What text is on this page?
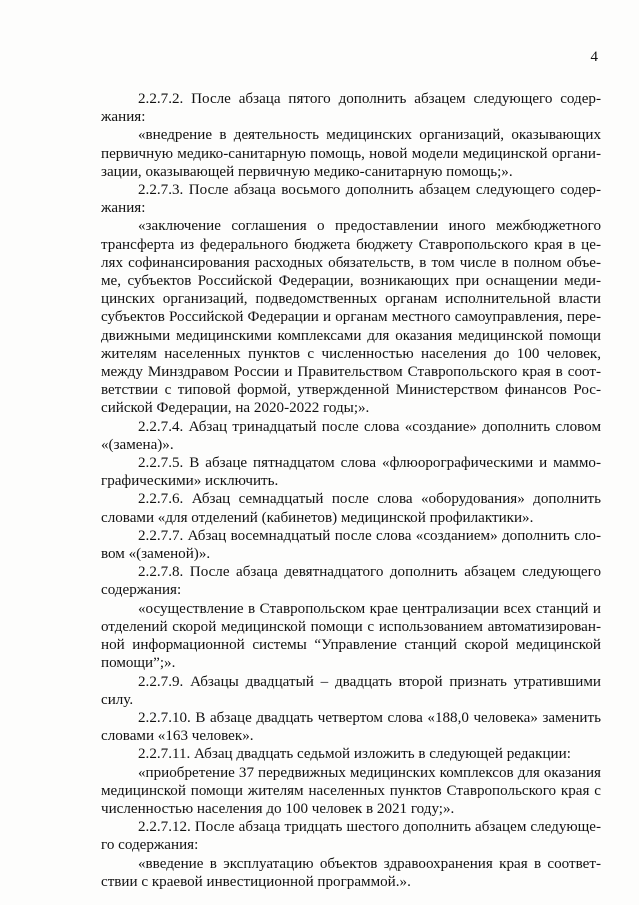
4

2.2.7.2. После абзаца пятого дополнить абзацем следующего содержания:

«внедрение в деятельность медицинских организаций, оказывающих первичную медико-санитарную помощь, новой модели медицинской организации, оказывающей первичную медико-санитарную помощь;».

2.2.7.3. После абзаца восьмого дополнить абзацем следующего содержания:

«заключение соглашения о предоставлении иного межбюджетного трансферта из федерального бюджета бюджету Ставропольского края в целях софинансирования расходных обязательств, в том числе в полном объеме, субъектов Российской Федерации, возникающих при оснащении медицинских организаций, подведомственных органам исполнительной власти субъектов Российской Федерации и органам местного самоуправления, передвижными медицинскими комплексами для оказания медицинской помощи жителям населенных пунктов с численностью населения до 100 человек, между Минздравом России и Правительством Ставропольского края в соответствии с типовой формой, утвержденной Министерством финансов Российской Федерации, на 2020-2022 годы;».

2.2.7.4. Абзац тринадцатый после слова «создание» дополнить словом «(замена)».

2.2.7.5. В абзаце пятнадцатом слова «флюорографическими и маммографическими» исключить.

2.2.7.6. Абзац семнадцатый после слова «оборудования» дополнить словами «для отделений (кабинетов) медицинской профилактики».

2.2.7.7. Абзац восемнадцатый после слова «созданием» дополнить словом «(заменой)».

2.2.7.8. После абзаца девятнадцатого дополнить абзацем следующего содержания:

«осуществление в Ставропольском крае централизации всех станций и отделений скорой медицинской помощи с использованием автоматизированной информационной системы “Управление станций скорой медицинской помощи”;».

2.2.7.9. Абзацы двадцатый – двадцать второй признать утратившими силу.

2.2.7.10. В абзаце двадцать четвертом слова «188,0 человека» заменить словами «163 человек».

2.2.7.11. Абзац двадцать седьмой изложить в следующей редакции:

«приобретение 37 передвижных медицинских комплексов для оказания медицинской помощи жителям населенных пунктов Ставропольского края с численностью населения до 100 человек в 2021 году;».

2.2.7.12. После абзаца тридцать шестого дополнить абзацем следующего содержания:

«введение в эксплуатацию объектов здравоохранения края в соответствии с краевой инвестиционной программой.».
